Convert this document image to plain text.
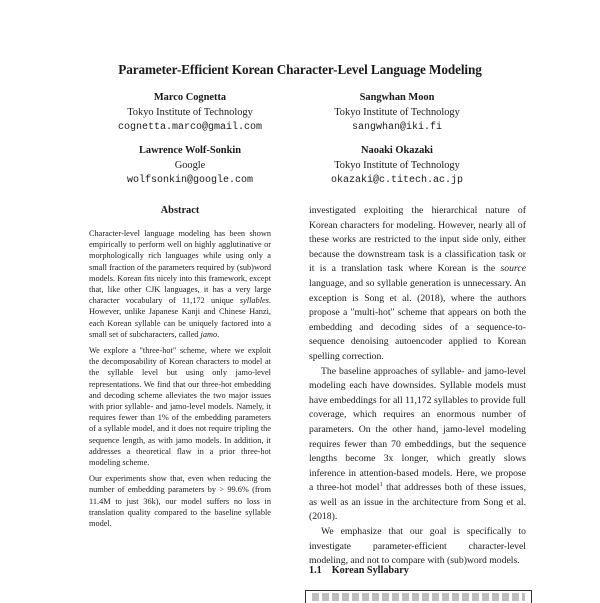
Parameter-Efficient Korean Character-Level Language Modeling
Marco Cognetta
Tokyo Institute of Technology
cognetta.marco@gmail.com
Sangwhan Moon
Tokyo Institute of Technology
sangwhan@iki.fi
Lawrence Wolf-Sonkin
Google
wolfsonkin@google.com
Naoaki Okazaki
Tokyo Institute of Technology
okazaki@c.titech.ac.jp
Abstract

Character-level language modeling has been shown empirically to perform well on highly agglutinative or morphologically rich languages while using only a small fraction of the parameters required by (sub)word models. Korean fits nicely into this framework, except that, like other CJK languages, it has a very large character vocabulary of 11,172 unique syllables. However, unlike Japanese Kanji and Chinese Hanzi, each Korean syllable can be uniquely factored into a small set of subcharacters, called jamo.

We explore a "three-hot" scheme, where we exploit the decomposability of Korean characters to model at the syllable level but using only jamo-level representations. We find that our three-hot embedding and decoding scheme alleviates the two major issues with prior syllable- and jamo-level models. Namely, it requires fewer than 1% of the embedding parameters of a syllable model, and it does not require tripling the sequence length, as with jamo models. In addition, it addresses a theoretical flaw in a prior three-hot modeling scheme.

Our experiments show that, even when reducing the number of embedding parameters by > 99.6% (from 11.4M to just 36k), our model suffers no loss in translation quality compared to the baseline syllable model.

investigated exploiting the hierarchical nature of Korean characters for modeling. However, nearly all of these works are restricted to the input side only, either because the downstream task is a classification task or it is a translation task where Korean is the source language, and so syllable generation is unnecessary. An exception is Song et al. (2018), where the authors propose a "multi-hot" scheme that appears on both the embedding and decoding sides of a sequence-to-sequence denoising autoencoder applied to Korean spelling correction.

The baseline approaches of syllable- and jamo-level modeling each have downsides. Syllable models must have embeddings for all 11,172 syllables to provide full coverage, which requires an enormous number of parameters. On the other hand, jamo-level modeling requires fewer than 70 embeddings, but the sequence lengths become 3x longer, which greatly slows inference in attention-based models. Here, we propose a three-hot model$^1$ that addresses both of these issues, as well as an issue in the architecture from Song et al. (2018).

We emphasize that our goal is specifically to investigate parameter-efficient character-level modeling, and not to compare with (sub)word models.

1.1 Korean Syllabary
